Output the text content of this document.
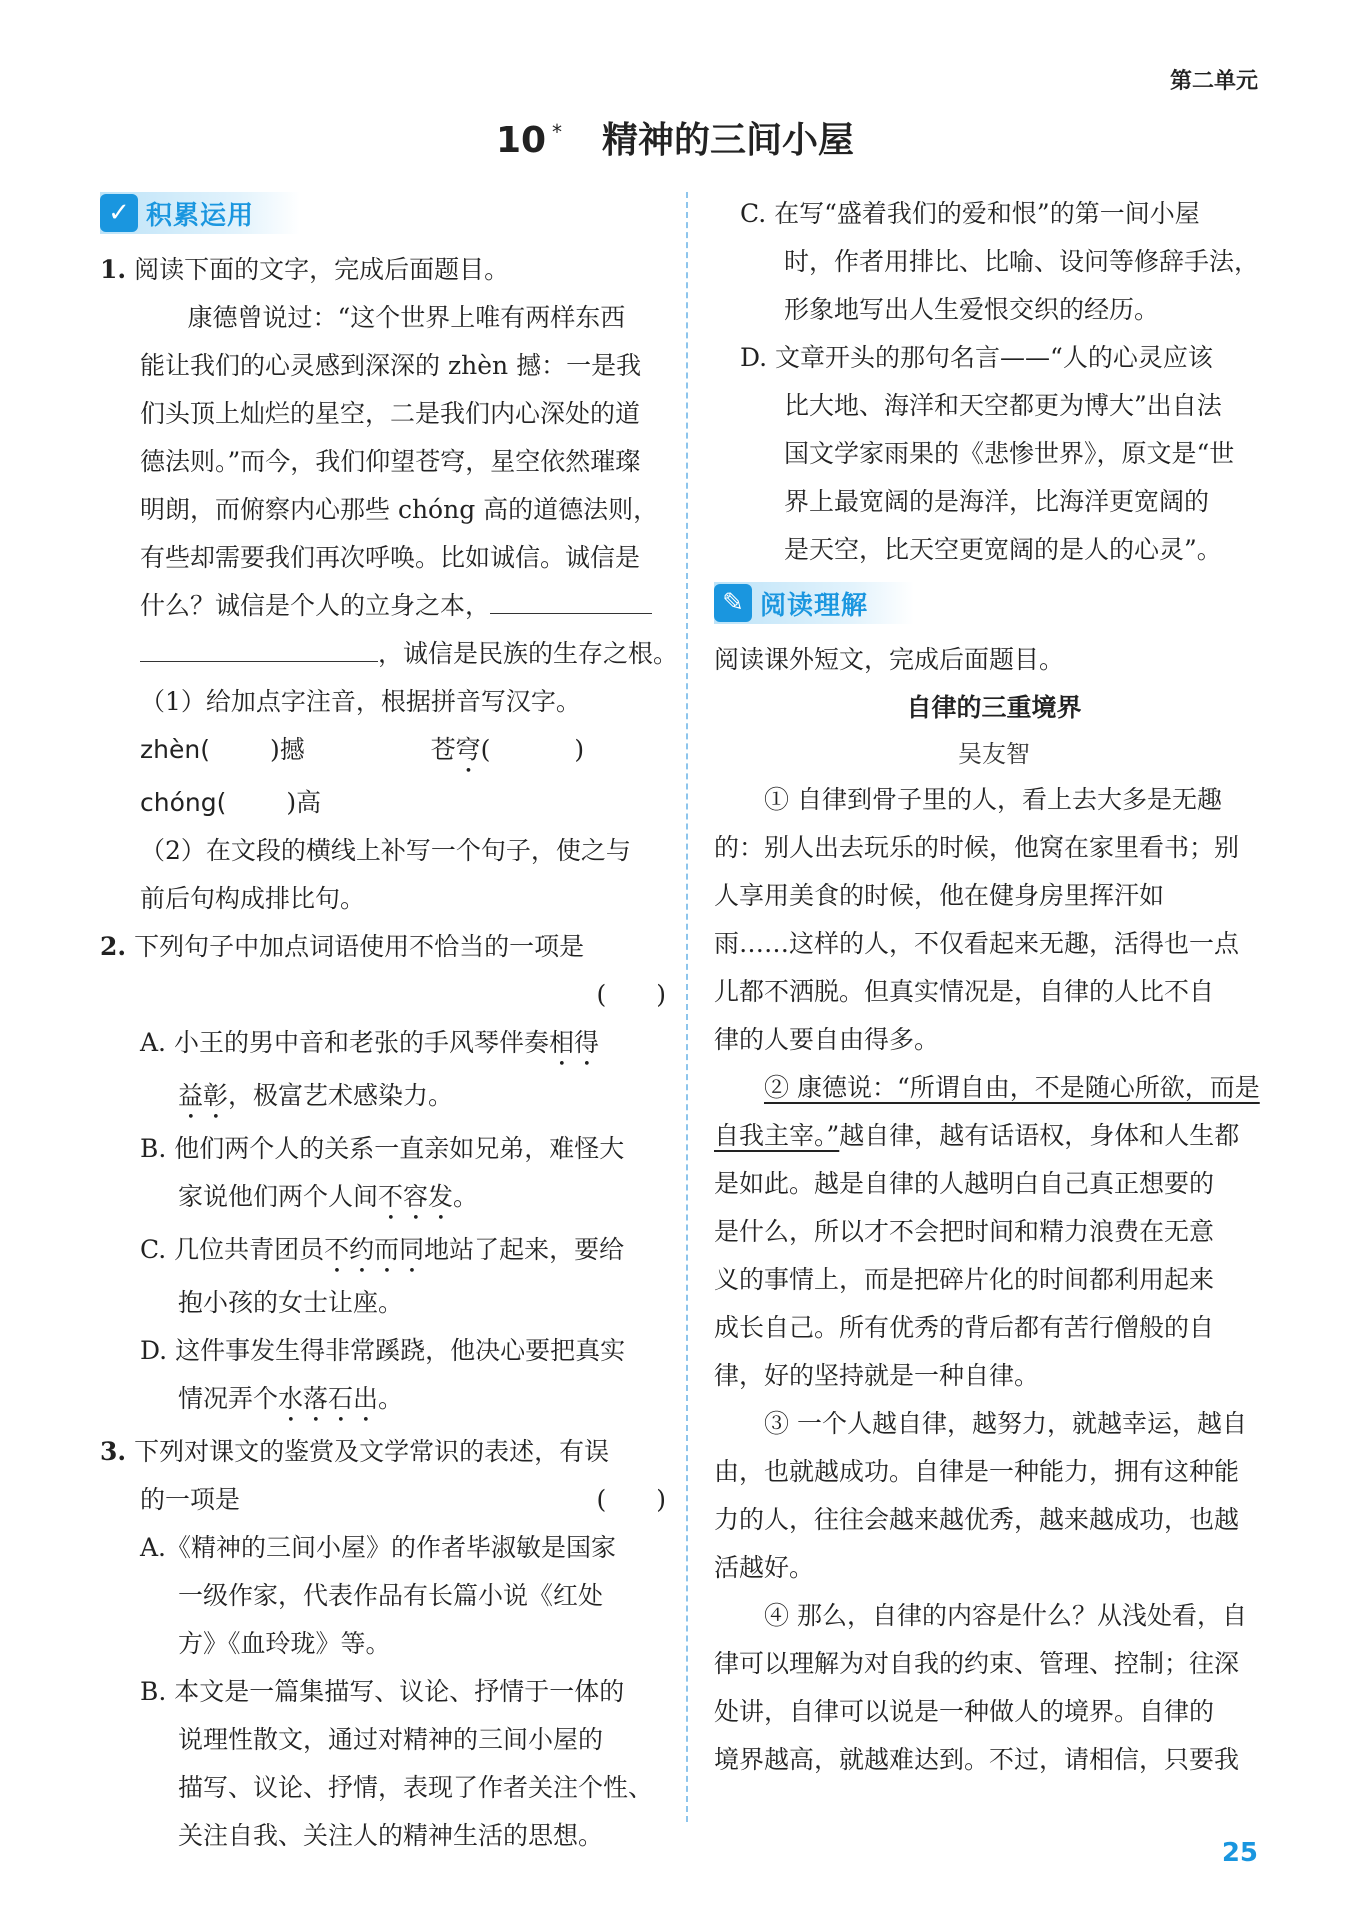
第二单元
10 * 精神的三间小屋
✓ 积累运用

1. 阅读下面的文字，完成后面题目。

康德曾说过：“这个世界上唯有两样东西

能让我们的心灵感到深深的 zhèn 撼：一是我

们头顶上灿烂的星空，二是我们内心深处的道

德法则。”而今，我们仰望苍穹，星空依然璀璨

明朗，而俯察内心那些 chóng 高的道德法则，

有些却需要我们再次呼唤。比如诚信。诚信是

什么？诚信是个人的立身之本，

，诚信是民族的生存之根。

（1）给加点字注音，根据拼音写汉字。

zhèn( )撼	苍穹(	)

chóng( )高

（2）在文段的横线上补写一个句子，使之与

前后句构成排比句。

2. 下列句子中加点词语使用不恰当的一项是

(　　)

A. 小王的男中音和老张的手风琴伴奏相得

益彰，极富艺术感染力。

B. 他们两个人的关系一直亲如兄弟，难怪大

家说他们两个人间不容发。

C. 几位共青团员不约而同地站了起来，要给

抱小孩的女士让座。

D. 这件事发生得非常蹊跷，他决心要把真实

情况弄个水落石出。

3. 下列对课文的鉴赏及文学常识的表述，有误

的一项是	(　　)

A.《精神的三间小屋》的作者毕淑敏是国家

一级作家，代表作品有长篇小说《红处

方》《血玲珑》等。

B. 本文是一篇集描写、议论、抒情于一体的

说理性散文，通过对精神的三间小屋的

描写、议论、抒情，表现了作者关注个性、

关注自我、关注人的精神生活的思想。

C. 在写“盛着我们的爱和恨”的第一间小屋

时，作者用排比、比喻、设问等修辞手法，

形象地写出人生爱恨交织的经历。

D. 文章开头的那句名言——“人的心灵应该

比大地、海洋和天空都更为博大”出自法

国文学家雨果的《悲惨世界》，原文是“世

界上最宽阔的是海洋，比海洋更宽阔的

是天空，比天空更宽阔的是人的心灵”。

✎ 阅读理解

阅读课外短文，完成后面题目。

自律的三重境界
吴友智

① 自律到骨子里的人，看上去大多是无趣

的：别人出去玩乐的时候，他窝在家里看书；别

人享用美食的时候，他在健身房里挥汗如

雨……这样的人，不仅看起来无趣，活得也一点

儿都不洒脱。但真实情况是，自律的人比不自

律的人要自由得多。

② 康德说：“所谓自由，不是随心所欲，而是

自我主宰。”越自律，越有话语权，身体和人生都

是如此。越是自律的人越明白自己真正想要的

是什么，所以才不会把时间和精力浪费在无意

义的事情上，而是把碎片化的时间都利用起来

成长自己。所有优秀的背后都有苦行僧般的自

律，好的坚持就是一种自律。

③ 一个人越自律，越努力，就越幸运，越自

由，也就越成功。自律是一种能力，拥有这种能

力的人，往往会越来越优秀，越来越成功，也越

活越好。

④ 那么，自律的内容是什么？从浅处看，自

律可以理解为对自我的约束、管理、控制；往深

处讲，自律可以说是一种做人的境界。自律的

境界越高，就越难达到。不过，请相信，只要我

25
